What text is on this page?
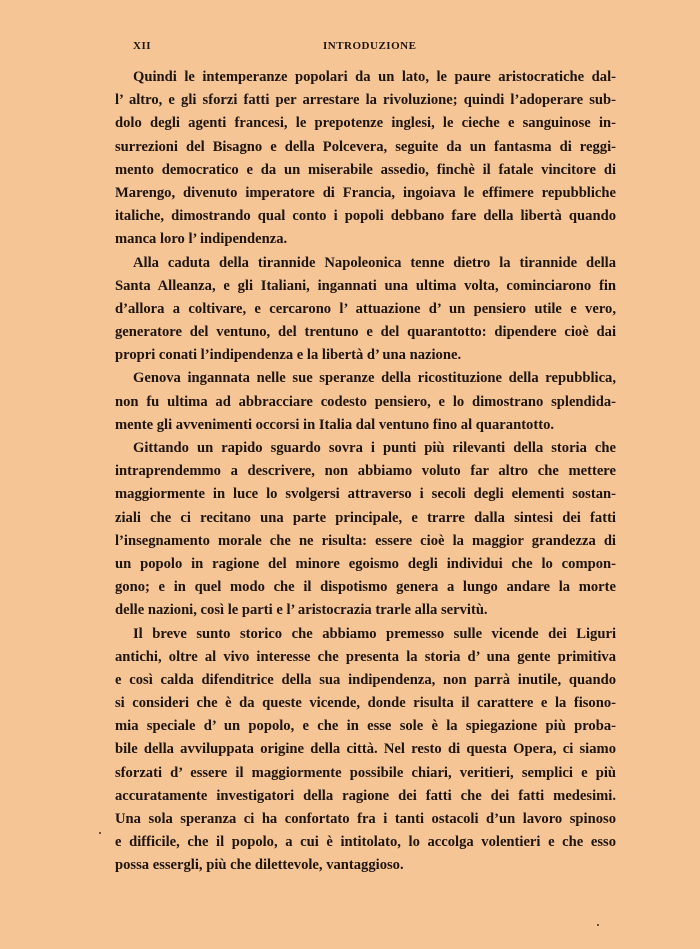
XII	INTRODUZIONE

Quindi le intemperanze popolari da un lato, le paure aristocratiche dal-
l’ altro, e gli sforzi fatti per arrestare la rivoluzione; quindi l’adoperare sub-
dolo degli agenti francesi, le prepotenze inglesi, le cieche e sanguinose in-
surrezioni del Bisagno e della Polcevera, seguite da un fantasma di reggi-
mento democratico e da un miserabile assedio, finchè il fatale vincitore di
Marengo, divenuto imperatore di Francia, ingoiava le effimere repubbliche
italiche, dimostrando qual conto i popoli debbano fare della libertà quando
manca loro l’ indipendenza.

Alla caduta della tirannide Napoleonica tenne dietro la tirannide della
Santa Alleanza, e gli Italiani, ingannati una ultima volta, cominciarono fin
d’allora a coltivare, e cercarono l’ attuazione d’ un pensiero utile e vero,
generatore del ventuno, del trentuno e del quarantotto: dipendere cioè dai
propri conati l’indipendenza e la libertà d’ una nazione.

Genova ingannata nelle sue speranze della ricostituzione della repubblica,
non fu ultima ad abbracciare codesto pensiero, e lo dimostrano splendida-
mente gli avvenimenti occorsi in Italia dal ventuno fino al quarantotto.

Gittando un rapido sguardo sovra i punti più rilevanti della storia che
intraprendemmo a descrivere, non abbiamo voluto far altro che mettere
maggiormente in luce lo svolgersi attraverso i secoli degli elementi sostan-
ziali che ci recitano una parte principale, e trarre dalla sintesi dei fatti
l’insegnamento morale che ne risulta: essere cioè la maggior grandezza di
un popolo in ragione del minore egoismo degli individui che lo compon-
gono; e in quel modo che il dispotismo genera a lungo andare la morte
delle nazioni, così le parti e l’ aristocrazia trarle alla servitù.

Il breve sunto storico che abbiamo premesso sulle vicende dei Liguri
antichi, oltre al vivo interesse che presenta la storia d’ una gente primitiva
e così calda difenditrice della sua indipendenza, non parrà inutile, quando
si consideri che è da queste vicende, donde risulta il carattere e la fisono-
mia speciale d’ un popolo, e che in esse sole è la spiegazione più proba-
bile della avviluppata origine della città. Nel resto di questa Opera, ci siamo
sforzati d’ essere il maggiormente possibile chiari, veritieri, semplici e più
accuratamente investigatori della ragione dei fatti che dei fatti medesimi.
Una sola speranza ci ha confortato fra i tanti ostacoli d’un lavoro spinoso
e difficile, che il popolo, a cui è intitolato, lo accolga volentieri e che esso
possa essergli, più che dilettevole, vantaggioso.
